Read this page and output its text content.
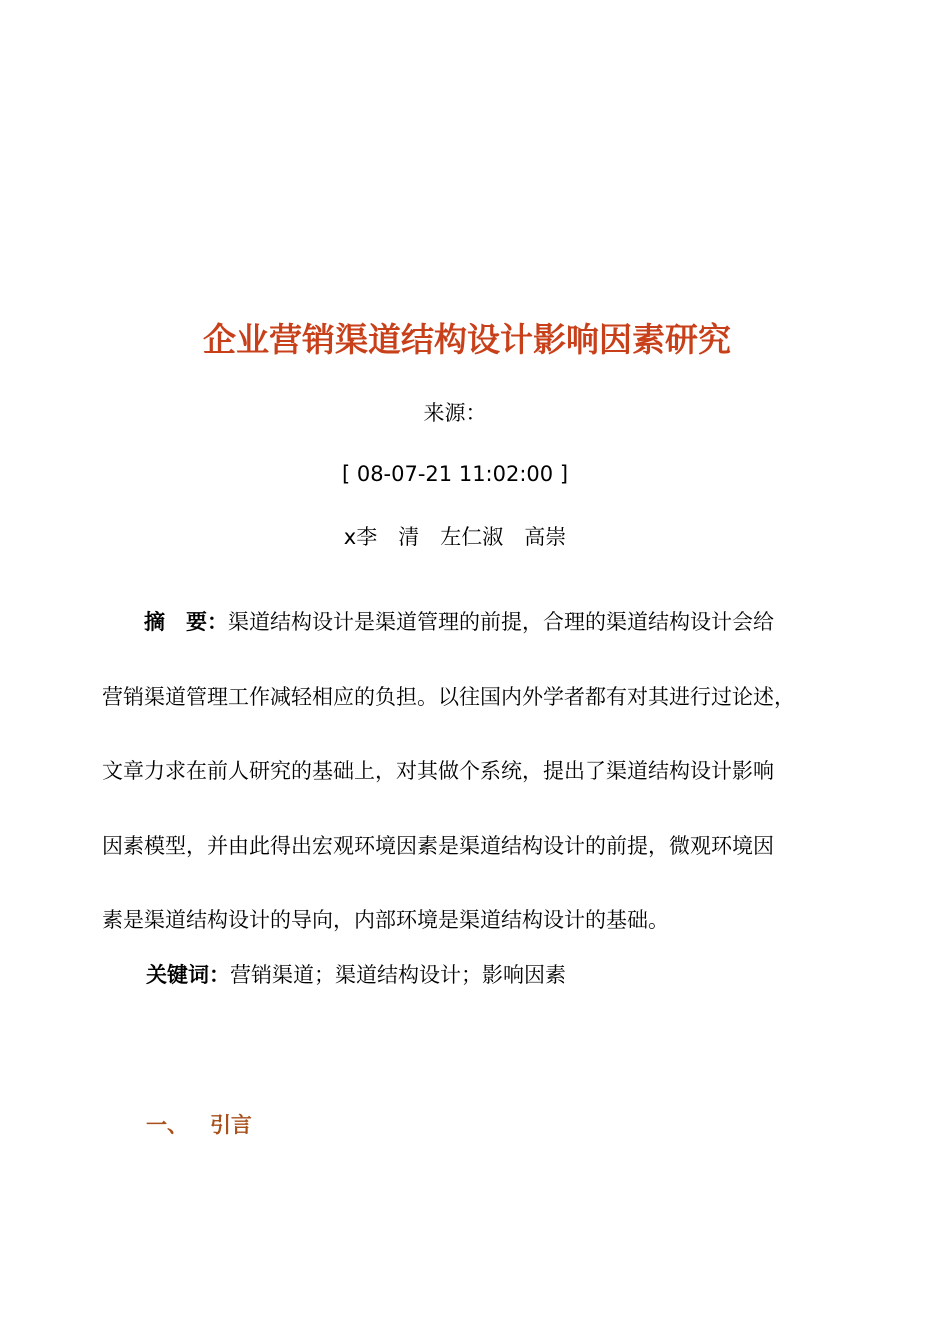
企业营销渠道结构设计影响因素研究
来源：
[ 08-07-21 11:02:00 ]
x李　清　左仁淑　高崇
摘　要：渠道结构设计是渠道管理的前提，合理的渠道结构设计会给
营销渠道管理工作减轻相应的负担。以往国内外学者都有对其进行过论述，
文章力求在前人研究的基础上，对其做个系统，提出了渠道结构设计影响
因素模型，并由此得出宏观环境因素是渠道结构设计的前提，微观环境因
素是渠道结构设计的导向，内部环境是渠道结构设计的基础。
关键词：营销渠道；渠道结构设计；影响因素
一、 引言
